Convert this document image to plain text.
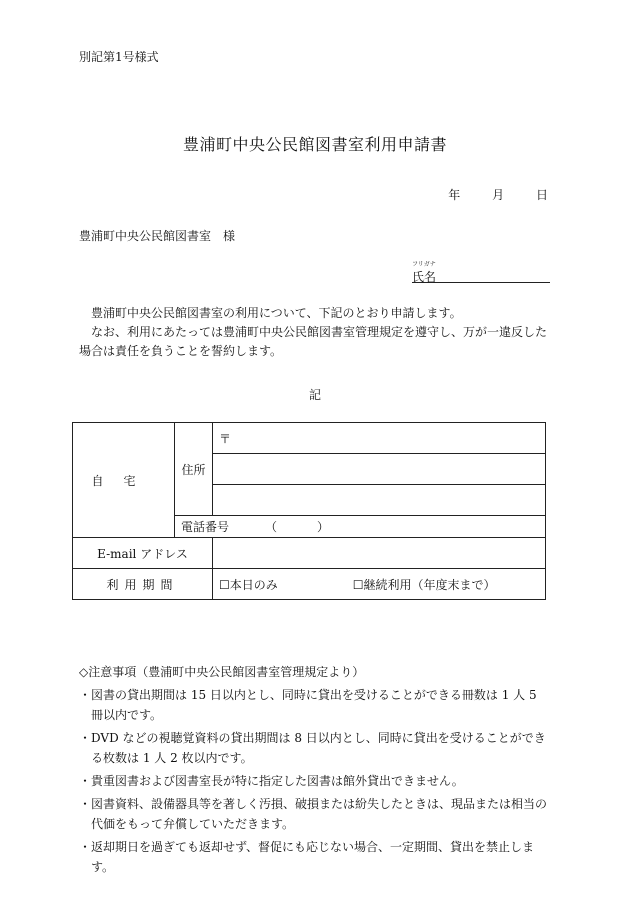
別記第1号様式
豊浦町中央公民館図書室利用申請書
年	月	日
豊浦町中央公民館図書室　様
フリガナ
氏名
豊浦町中央公民館図書室の利用について、下記のとおり申請します。
なお、利用にあたっては豊浦町中央公民館図書室管理規定を遵守し、万が一違反した場合は責任を負うことを誓約します。
記
自宅	住所	〒

	電話番号 （ ）	
E-mail アドレス		
利用期間		☐本日のみ ☐継続利用（年度末まで）
◇注意事項（豊浦町中央公民館図書室管理規定より）
・ 図書の貸出期間は 15 日以内とし、同時に貸出を受けることができる冊数は 1 人 5 冊以内です。
・ DVD などの視聴覚資料の貸出期間は 8 日以内とし、同時に貸出を受けることができる枚数は 1 人 2 枚以内です。
・ 貴重図書および図書室長が特に指定した図書は館外貸出できません。
・ 図書資料、設備器具等を著しく汚損、破損または紛失したときは、現品または相当の代価をもって弁償していただきます。
・ 返却期日を過ぎても返却せず、督促にも応じない場合、一定期間、貸出を禁止します。
